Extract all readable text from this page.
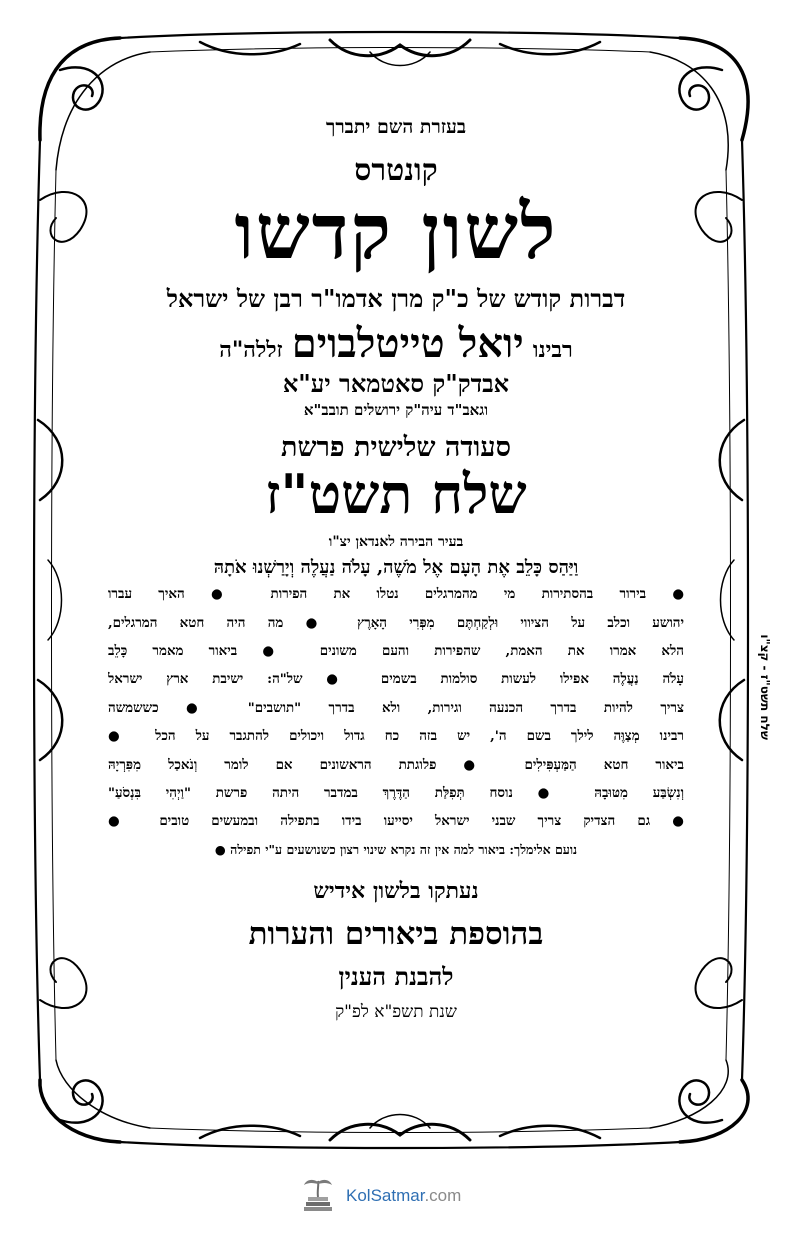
בעזרת השם יתברך
קונטרס
לשון קדשו
דברות קודש של כ"ק מרן אדמו"ר רבן של ישראל
רבינו יואל טייטלבוים זללה"ה
אבדק"ק סאטמאר יע"א
וגאב"ד עיה"ק ירושלים תובב"א
סעודה שלישית פרשת
שלח תשט"ז
בעיר הבירה לאנדאן יצ"ו
וַיַּהַס כָּלֵב אֶת הָעָם אֶל מֹשֶׁה, עָלֹה נַעֲלֶה וְיָרַשְׁנוּ אֹתָהּ
● בירור בהסתירות מי מהמרגלים נטלו את הפירות ● האיך עברו
יהושע וכלב על הציווי וּלְקַחְתֶּם מִפְּרִי הָאָרֶץ ● מה היה חטא המרגלים,
הלא אמרו את האמת, שהפירות והעם משונים ● ביאור מאמר כָּלֵב
עָלֹה נַעֲלֶה אפילו לעשות סולמות בשמים ● של"ה: ישיבת ארץ ישראל
צריך להיות בדרך הכנעה וגירות, ולא בדרך "תושבים" ● כששמשה
רבינו מְצַוֶּה לילך בשם ה', יש בזה כח גדול ויכולים להתגבר על הכל ●
ביאור חטא הַמַּעְפִּילִים ● פלוגתת הראשונים אם לומר וְנֹאכַל מִפִּרְיָהּ
וְנִשְׂבַּע מִטּוּבָהּ ● נוסח תְּפִלַּת הַדֶּרֶךְ במדבר היתה פרשת "וַיְהִי בִּנְסֹעַ"
● גם הצדיק צריך שבני ישראל יסייעו בידו בתפילה ובמעשים טובים ●
נועם אלימלך: ביאור למה אין זה נקרא שינוי רצון כשנושעים ע"י תפילה ●
נעתקו בלשון אידיש
בהוספת ביאורים והערות
להבנת הענין
שנת תשפ"א לפ"ק
שלח תשט"ז - קצ"ו
KolSatmar.com
